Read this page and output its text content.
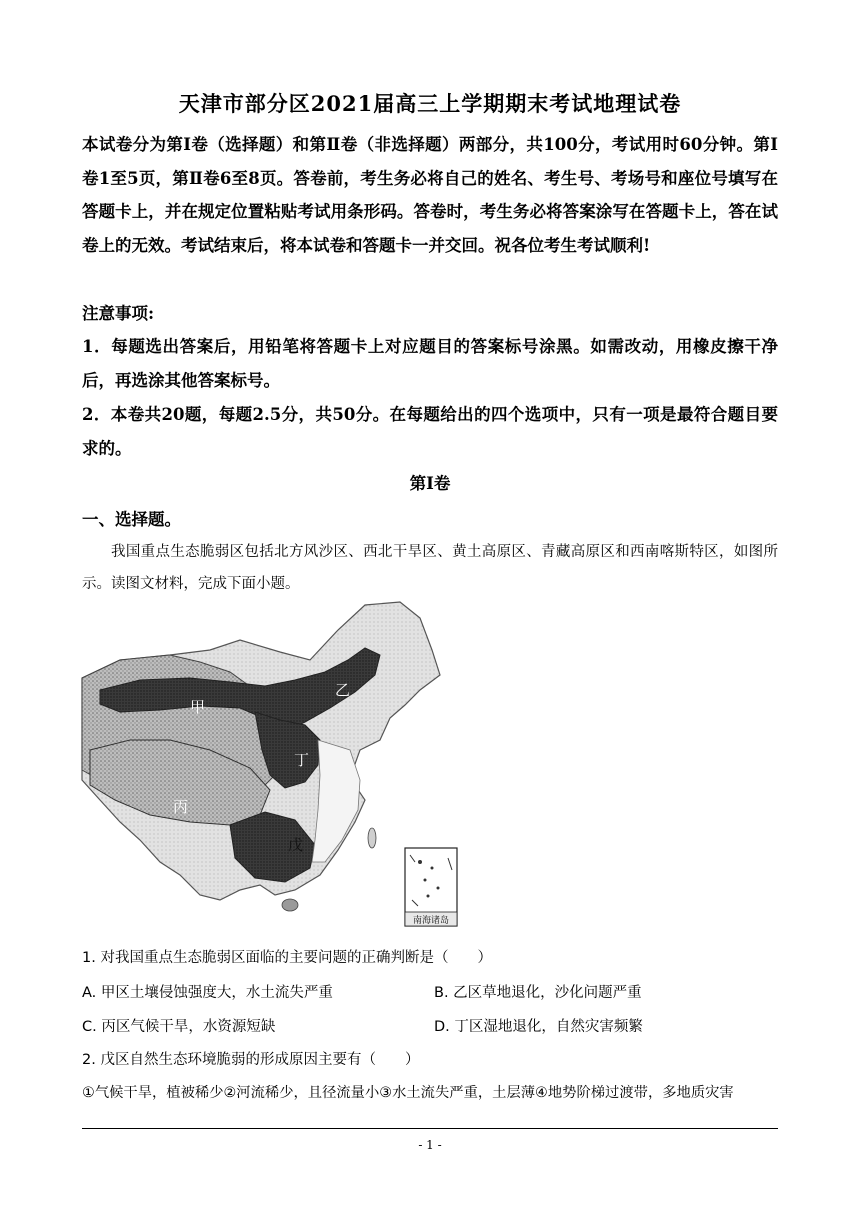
天津市部分区2021届高三上学期期末考试地理试卷
本试卷分为第Ⅰ卷（选择题）和第Ⅱ卷（非选择题）两部分，共100分，考试用时60分钟。第Ⅰ卷1至5页，第Ⅱ卷6至8页。答卷前，考生务必将自己的姓名、考生号、考场号和座位号填写在答题卡上，并在规定位置粘贴考试用条形码。答卷时，考生务必将答案涂写在答题卡上，答在试卷上的无效。考试结束后，将本试卷和答题卡一并交回。祝各位考生考试顺利!
注意事项:
1．每题选出答案后，用铅笔将答题卡上对应题目的答案标号涂黑。如需改动，用橡皮擦干净后，再选涂其他答案标号。
2．本卷共20题，每题2.5分，共50分。在每题给出的四个选项中，只有一项是最符合题目要求的。
第Ⅰ卷
一、选择题。
我国重点生态脆弱区包括北方风沙区、西北干旱区、黄土高原区、青藏高原区和西南喀斯特区，如图所示。读图文材料，完成下面小题。
甲
乙
丙
丁
戊
南海诸岛
1. 对我国重点生态脆弱区面临的主要问题的正确判断是（　　）
A. 甲区土壤侵蚀强度大，水土流失严重	B. 乙区草地退化，沙化问题严重
C. 丙区气候干旱，水资源短缺	D. 丁区湿地退化，自然灾害频繁
2. 戊区自然生态环境脆弱的形成原因主要有（　　）
①气候干旱，植被稀少②河流稀少，且径流量小③水土流失严重，土层薄④地势阶梯过渡带，多地质灾害
- 1 -
